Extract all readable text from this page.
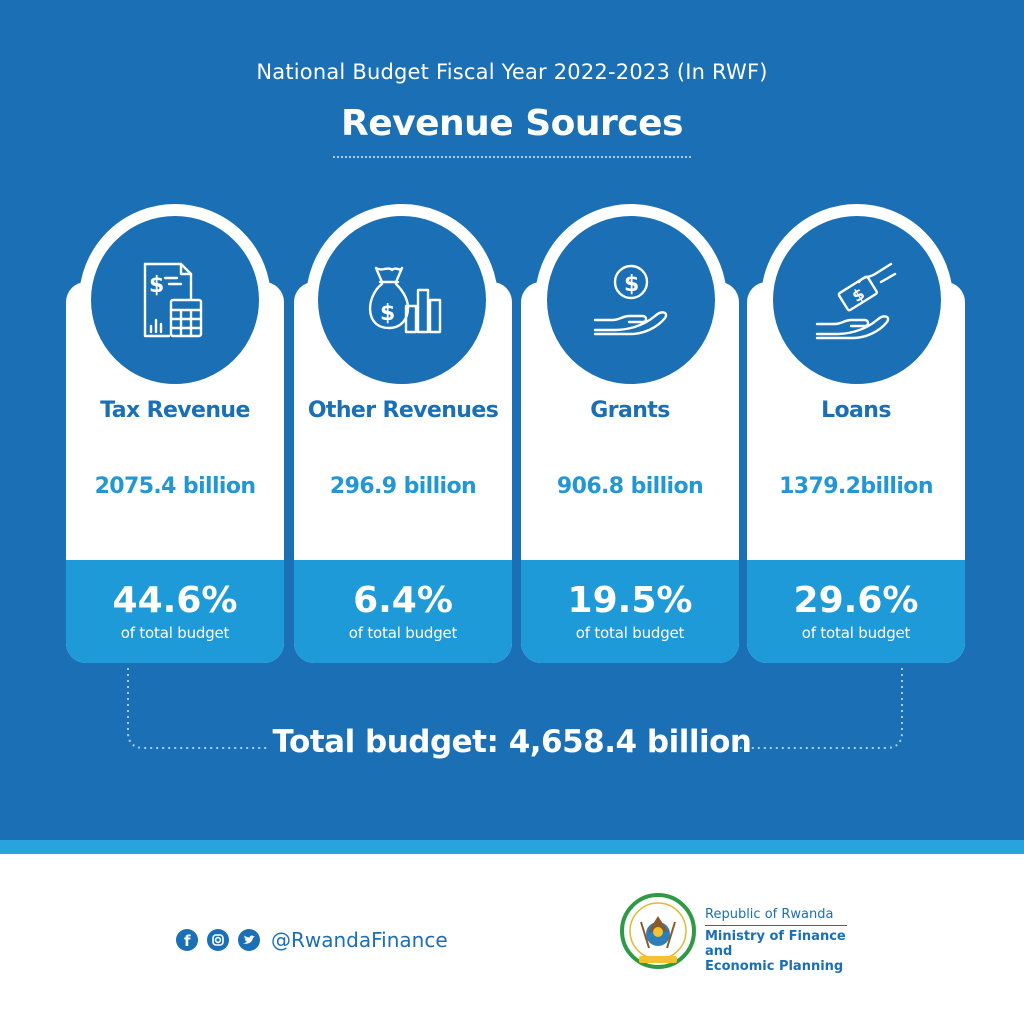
National Budget Fiscal Year 2022-2023 (In RWF)
Revenue Sources
Tax Revenue
2075.4 billion
44.6%
of total budget
Other Revenues
296.9 billion
6.4%
of total budget
Grants
906.8 billion
19.5%
of total budget
Loans
1379.2billion
29.6%
of total budget
$
$
$	$
Total budget: 4,658.4 billion
f	@RwandaFinance
Republic of Rwanda
Ministry of Finance and
Economic Planning
